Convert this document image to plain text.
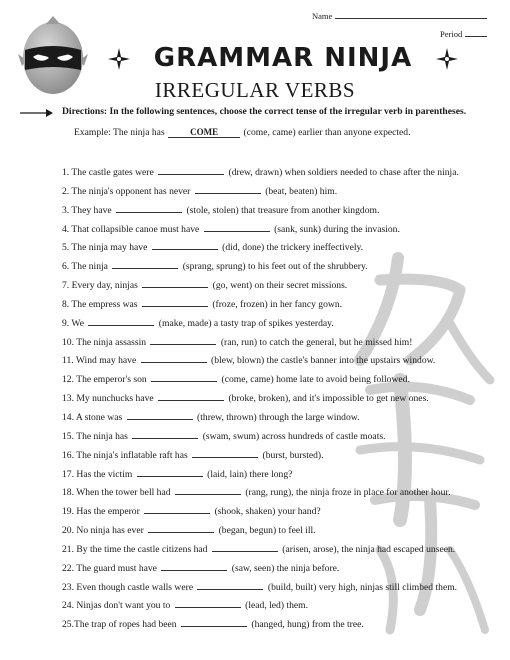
Name
Period
GRAMMAR NINJA
IRREGULAR VERBS
Directions: In the following sentences, choose the correct tense of the irregular verb in parentheses.
Example: The ninja has	COME	(come, came) earlier than anyone expected.
1. The castle gates were	(drew, drawn) when soldiers needed to chase after the ninja.
2. The ninja's opponent has never	(beat, beaten) him.
3. They have	(stole, stolen) that treasure from another kingdom.
4. That collapsible canoe must have	(sank, sunk) during the invasion.
5. The ninja may have	(did, done) the trickery ineffectively.
6. The ninja	(sprang, sprung) to his feet out of the shrubbery.
7. Every day, ninjas	(go, went) on their secret missions.
8. The empress was	(froze, frozen) in her fancy gown.
9. We	(make, made) a tasty trap of spikes yesterday.
10. The ninja assassin	(ran, run) to catch the general, but he missed him!
11. Wind may have	(blew, blown) the castle's banner into the upstairs window.
12. The emperor's son	(come, came) home late to avoid being followed.
13. My nunchucks have	(broke, broken), and it's impossible to get new ones.
14. A stone was	(threw, thrown) through the large window.
15. The ninja has	(swam, swum) across hundreds of castle moats.
16. The ninja's inflatable raft has	(burst, bursted).
17. Has the victim	(laid, lain) there long?
18. When the tower bell had	(rang, rung), the ninja froze in place for another hour.
19. Has the emperor	(shook, shaken) your hand?
20. No ninja has ever	(began, begun) to feel ill.
21. By the time the castle citizens had	(arisen, arose), the ninja had escaped unseen.
22. The guard must have	(saw, seen) the ninja before.
23. Even though castle walls were	(build, built) very high, ninjas still climbed them.
24. Ninjas don't want you to	(lead, led) them.
25.The trap of ropes had been	(hanged, hung) from the tree.
